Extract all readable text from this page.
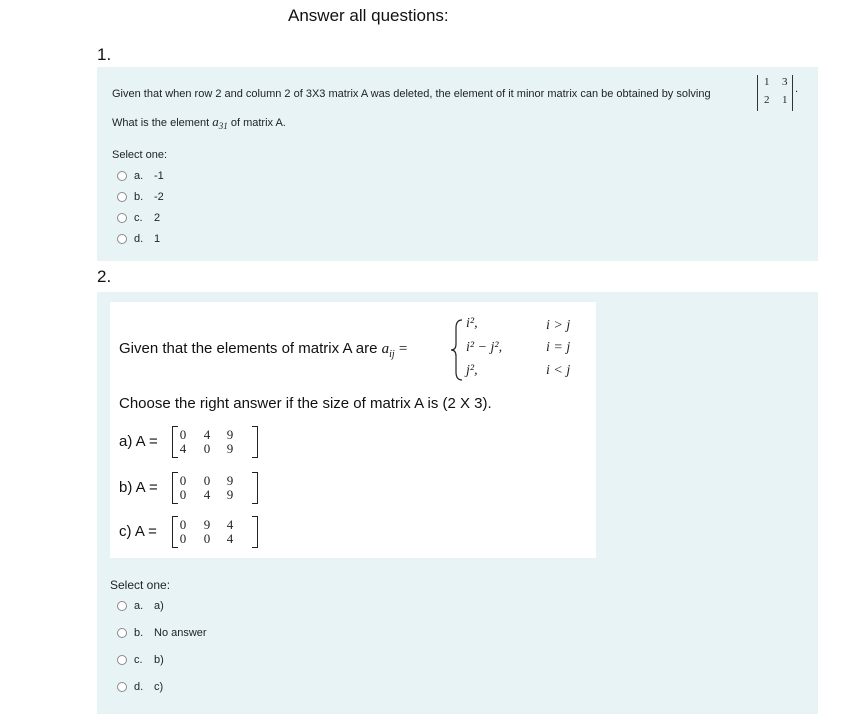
Answer all questions:
1.
Given that when row 2 and column 2 of 3X3 matrix A was deleted, the element of it minor matrix can be obtained by solving
1 3
2 1
.
What is the element $a_{31}$ of matrix A.
Select one:
a. -1
b. -2
c.	2
d. 1
2.
Given that the elements of matrix A are $a_{ij}$ =
i²,
i² − j²,
j²,
i > j
i = j
i < j
Choose the right answer if the size of matrix A is (2 X 3).
a) A = 0 4 9
4 0 9
b) A = 0 0 9
0 4 9
c) A = 0 9 4
0 0 4
Select one:
a. a)
b. No answer
c.	b)
d. c)
